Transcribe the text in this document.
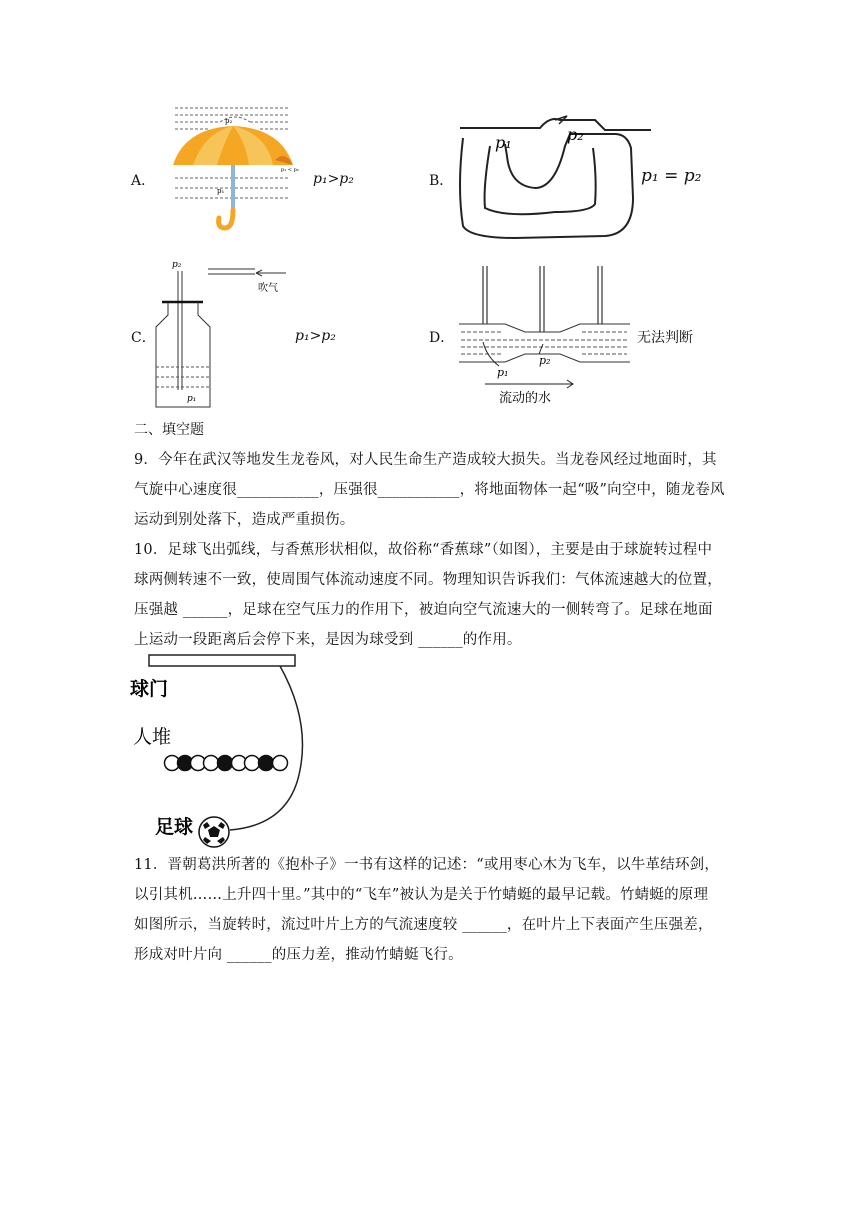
A．
p₂
p₁
p₁ < p₂
p₁>p₂	B．
p₁	p₂
p₁ = p₂
C．
p₂
吹气
p₁
p₁>p₂	D．
p₁
p₂
流动的水
无法判断
二、填空题
9．今年在武汉等地发生龙卷风，对人民生命生产造成较大损失。当龙卷风经过地面时，其
气旋中心速度很___________，压强很___________，将地面物体一起“吸”向空中，随龙卷风
运动到别处落下，造成严重损伤。
10．足球飞出弧线，与香蕉形状相似，故俗称“香蕉球”（如图），主要是由于球旋转过程中
球两侧转速不一致，使周围气体流动速度不同。物理知识告诉我们：气体流速越大的位置，
压强越 ______，足球在空气压力的作用下，被迫向空气流速大的一侧转弯了。足球在地面
上运动一段距离后会停下来，是因为球受到 ______的作用。
球门
人堆
足球
11．晋朝葛洪所著的《抱朴子》一书有这样的记述：“或用枣心木为飞车，以牛革结环剑，
以引其机……上升四十里。”其中的“飞车”被认为是关于竹蜻蜓的最早记载。竹蜻蜓的原理
如图所示，当旋转时，流过叶片上方的气流速度较 ______，在叶片上下表面产生压强差，
形成对叶片向 ______的压力差，推动竹蜻蜓飞行。
